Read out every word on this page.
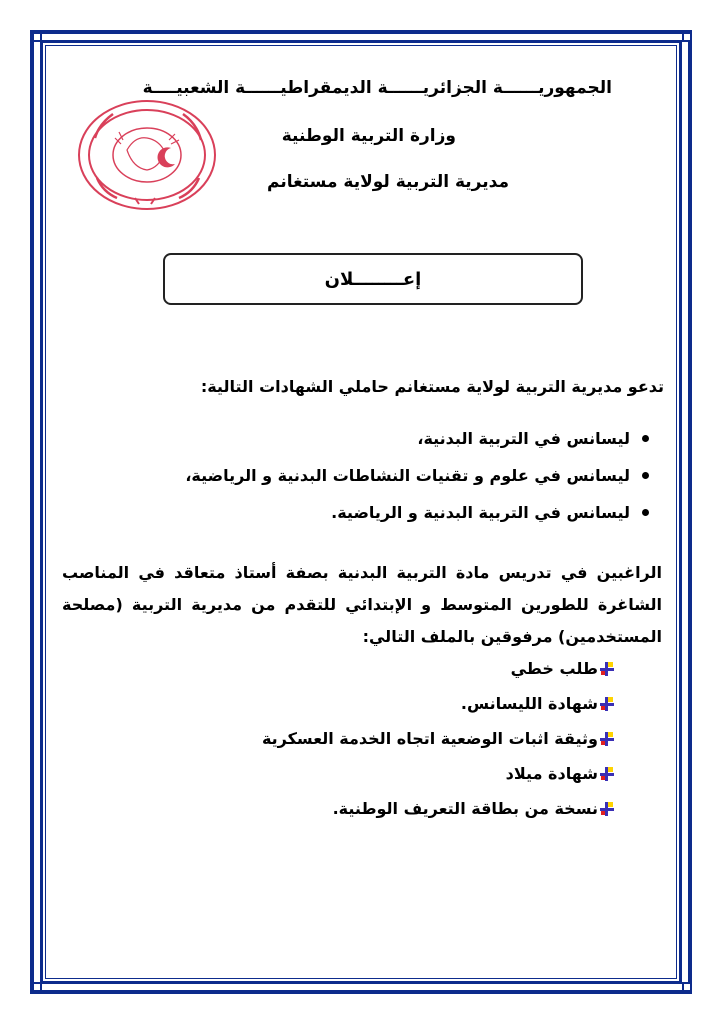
الجمهوريــــــة الجزائريــــــة الديمقراطيــــــة الشعبيــــة
وزارة التربية الوطنية
مديرية التربية لولاية مستغانم
إعــــــــلان
تدعو مديرية التربية لولاية مستغانم حاملي الشهادات التالية:
ليسانس في التربية البدنية،
ليسانس في علوم و تقنيات النشاطات البدنية و الرياضية،
ليسانس في التربية البدنية و الرياضية.
الراغبين في تدريس مادة التربية البدنية بصفة أستاذ متعاقد في المناصب الشاغرة للطورين المتوسط و الإبتدائي للتقدم من مديرية التربية (مصلحة المستخدمين) مرفوقين بالملف التالي:
طلب خطي
شهادة الليسانس.
وثيقة اثبات الوضعية اتجاه الخدمة العسكرية
شهادة ميلاد
نسخة من بطاقة التعريف الوطنية.
